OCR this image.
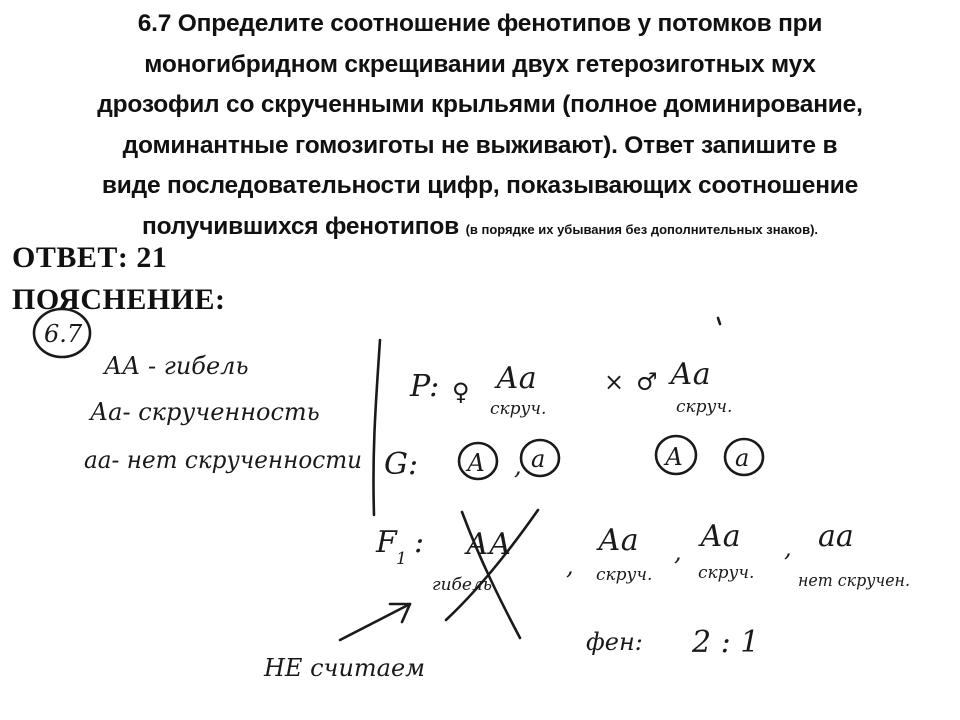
6.7 Определите соотношение фенотипов у потомков при
моногибридном скрещивании двух гетерозиготных мух
дрозофил со скрученными крыльями (полное доминирование,
доминантные гомозиготы не выживают). Ответ запишите в
виде последовательности цифр, показывающих соотношение
получившихся фенотипов (в порядке их убывания без дополнительных знаков).
ОТВЕТ: 21
ПОЯСНЕНИЕ:
6.7
АА - гибель
Аа- скрученность
аа- нет скрученности
P: ♀ Аа
скруч.
× ♂ Аа
скруч.
G: А , а	А а
F 1 : АА
гибель
,
Аа
скруч.
, Аа
скруч.
, аа
нет скручен.
НЕ считаем
фен: 2 : 1
